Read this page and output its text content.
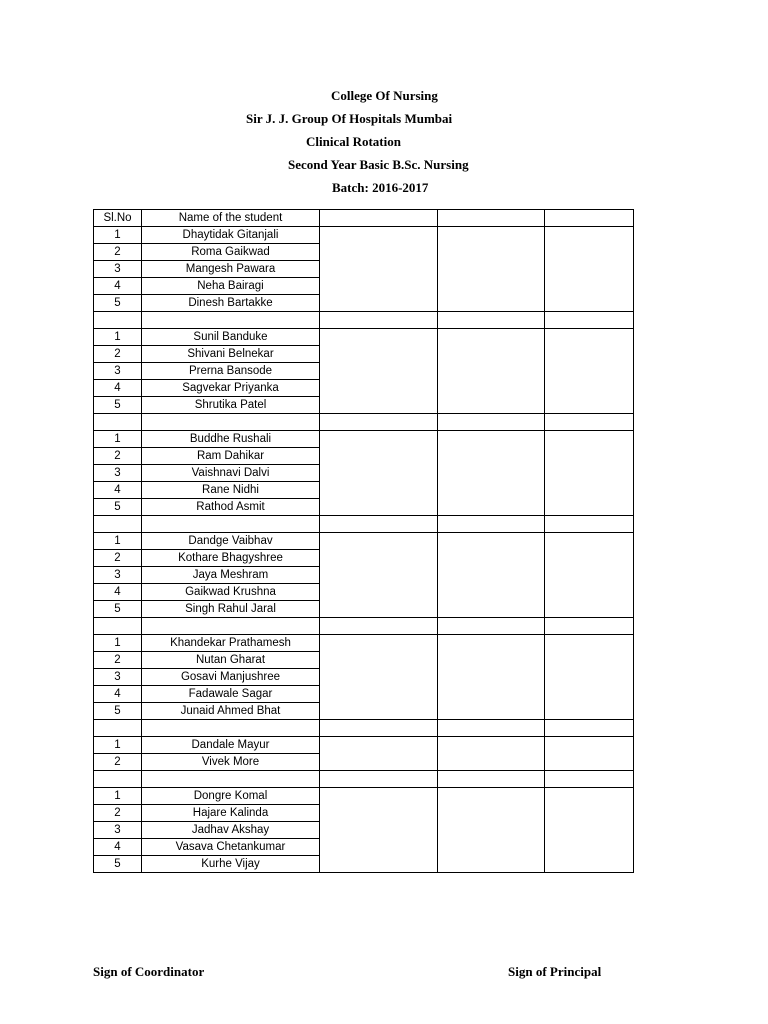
College Of Nursing
Sir J. J. Group Of Hospitals Mumbai
Clinical Rotation
Second Year Basic B.Sc. Nursing
Batch: 2016-2017
Sl.No	Name of the student			
1	Dhaytidak Gitanjali			
2	Roma Gaikwad			
3	Mangesh Pawara			
4	Neha Bairagi			
5	Dinesh Bartakke			

1	Sunil Banduke			
2	Shivani Belnekar			
3	Prerna Bansode			
4	Sagvekar Priyanka			
5	Shrutika Patel			

1	Buddhe Rushali			
2	Ram Dahikar			
3	Vaishnavi Dalvi			
4	Rane Nidhi			
5	Rathod Asmit			

1	Dandge Vaibhav			
2	Kothare Bhagyshree			
3	Jaya Meshram			
4	Gaikwad Krushna			
5	Singh Rahul Jaral			

1	Khandekar Prathamesh			
2	Nutan Gharat			
3	Gosavi Manjushree			
4	Fadawale Sagar			
5	Junaid Ahmed Bhat			

1	Dandale Mayur			
2	Vivek More			

1	Dongre Komal			
2	Hajare Kalinda			
3	Jadhav Akshay			
4	Vasava Chetankumar			
5	Kurhe Vijay			
Sign of Coordinator	Sign of Principal
